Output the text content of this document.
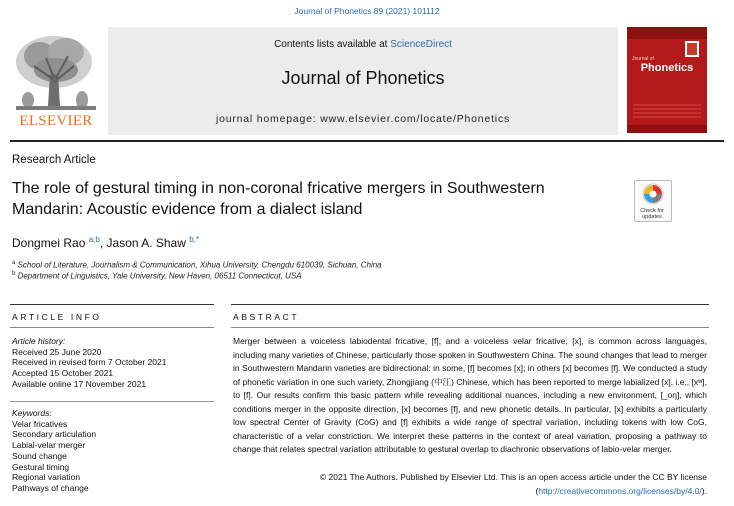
Journal of Phonetics 89 (2021) 101112
Contents lists available at ScienceDirect
Journal of Phonetics
journal homepage: www.elsevier.com/locate/Phonetics
ELSEVIER
Journal of
Phonetics
Research Article
The role of gestural timing in non-coronal fricative mergers in Southwestern Mandarin: Acoustic evidence from a dialect island	Check for updates
Dongmei Rao $^{a,b}$, Jason A. Shaw $^{b,*}$
$^a$ School of Literature, Journalism & Communication, Xihua University, Chengdu 610039, Sichuan, China
$^b$ Department of Linguistics, Yale University, New Haven, 06511 Connecticut, USA
ARTICLE INFO
Article history:
Received 25 June 2020
Received in revised form 7 October 2021
Accepted 15 October 2021
Available online 17 November 2021
Keywords:
Velar fricatives
Secondary articulation
Labial-velar merger
Sound change
Gestural timing
Regional variation
Pathways of change
ABSTRACT
Merger between a voiceless labiodental fricative, [f], and a voiceless velar fricative, [x], is common across languages, including many varieties of Chinese, particularly those spoken in Southwestern China. The sound changes that lead to merger in Southwestern Mandarin varieties are bidirectional: in some, [f] becomes [x]; in others [x] becomes [f]. We conducted a study of phonetic variation in one such variety, Zhongjiang (中江) Chinese, which has been reported to merge labialized [x], i.e., [xʷ], to [f]. Our results confirm this basic pattern while revealing additional nuances, including a new environment, [_oŋ], which conditions merger in the opposite direction, [x] becomes [f], and new phonetic details. In particular, [x] exhibits a particularly low spectral Center of Gravity (CoG) and [f] exhibits a wide range of spectral variation, including tokens with low CoG, characteristic of a velar constriction. We interpret these patterns in the context of areal variation, proposing a pathway to change that relates spectral variation attributable to gestural overlap to diachronic observations of labio-velar merger.
© 2021 The Authors. Published by Elsevier Ltd. This is an open access article under the CC BY license (http://creativecommons.org/licenses/by/4.0/).
